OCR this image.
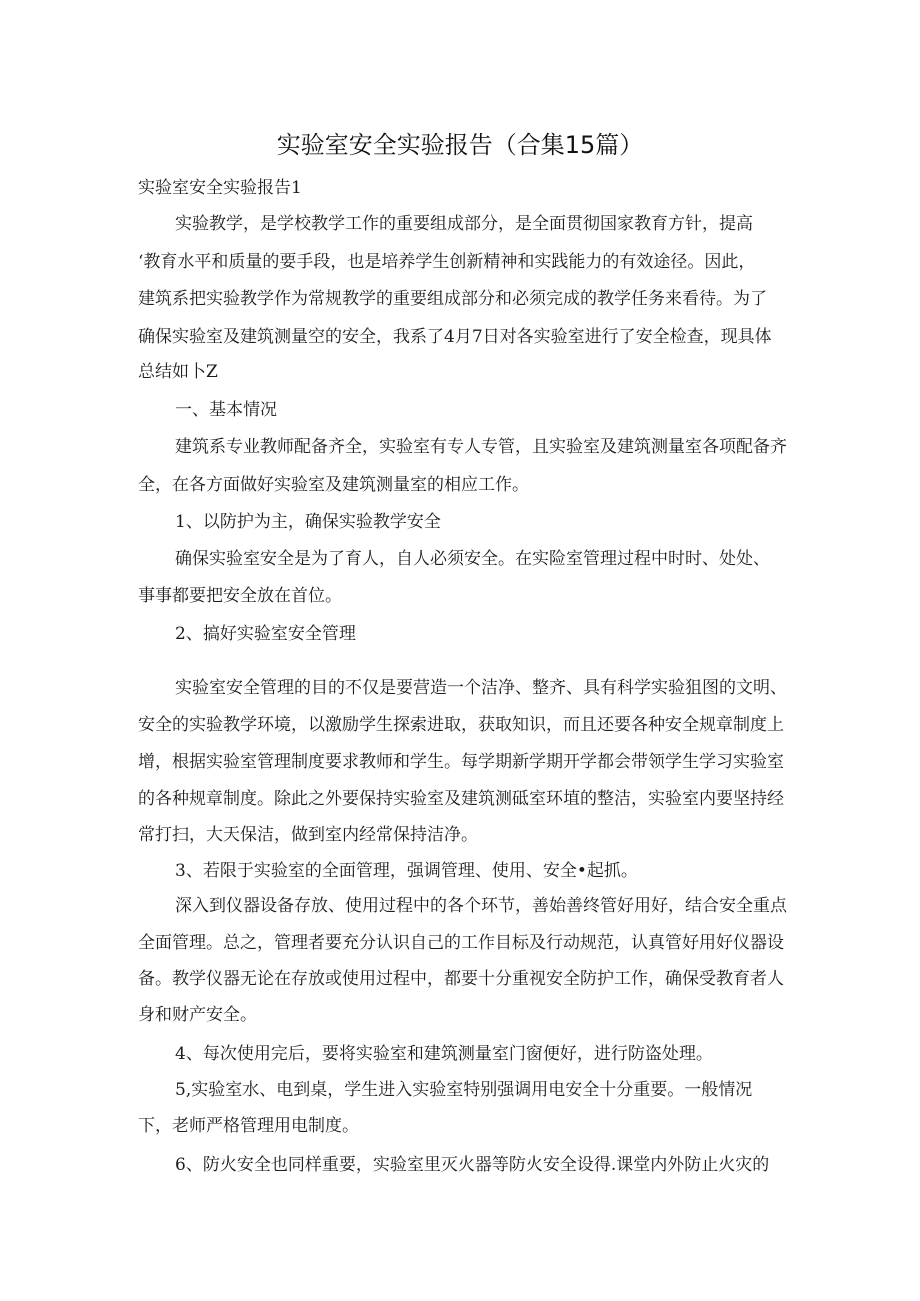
实验室安全实验报告（合集15篇）
实验室安全实验报告1
实验教学，是学校教学工作的重要组成部分，是全面贯彻国家教育方针，提高
‘教育水平和质量的要手段，也是培养学生创新精神和实践能力的有效途径。因此，
建筑系把实验教学作为常规教学的重要组成部分和必须完成的教学任务来看待。为了
确保实验室及建筑测量空的安全，我系了4月7日对各实验室进行了安全检查，现具体
总结如卜Z
一、基本情况
建筑系专业教师配备齐全，实验室有专人专管，且实验室及建筑测量室各项配备齐
全，在各方面做好实验室及建筑测量室的相应工作。
1、以防护为主，确保实验教学安全
确保实验室安全是为了育人，自人必须安全。在实险室管理过程中时时、处处、
事事都要把安全放在首位。
2、搞好实验室安全管理
实验室安全管理的目的不仅是要营造一个洁净、整齐、具有科学实验狙图的文明、
安全的实验教学环境，以激励学生探索进取，获取知识，而且还要各种安全规章制度上
增，根据实验室管理制度要求教师和学生。每学期新学期开学都会带领学生学习实验室
的各种规章制度。除此之外要保持实验室及建筑测砥室环埴的整洁，实验室内要坚持经
常打扫，大天保洁，做到室内经常保持洁净。
3、若限于实验室的全面管理，强调管理、使用、安全•起抓。
深入到仪器设备存放、使用过程中的各个环节，善始善终管好用好，结合安全重点
全面管理。总之，管理者要充分认识自己的工作目标及行动规范，认真管好用好仪器设
备。教学仪器无论在存放或使用过程中，都要十分重视安全防护工作，确保受教育者人
身和财产安全。
4、每次使用完后，要将实验室和建筑测量室门窗便好，进行防盗处理。
5,实验室水、电到桌，学生进入实验室特别强调用电安全十分重要。一般情况
下，老师严格管理用电制度。
6、防火安全也同样重要，实验室里灭火器等防火安全设得.课堂内外防止火灾的
